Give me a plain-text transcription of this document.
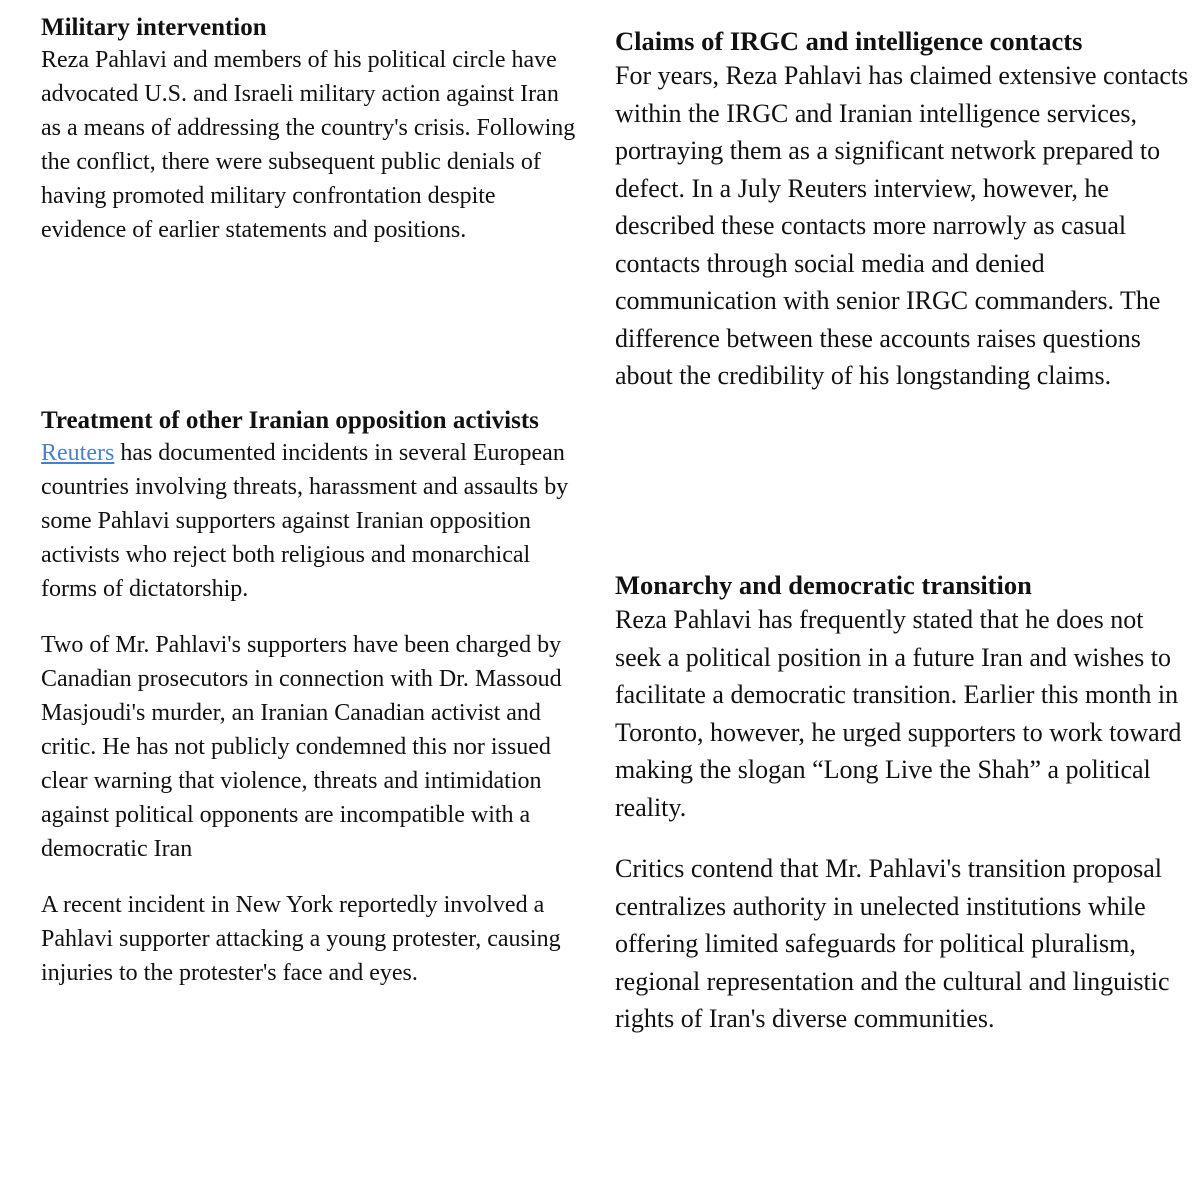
Military intervention

Reza Pahlavi and members of his political circle have advocated U.S. and Israeli military action against Iran as a means of addressing the country's crisis. Following the conflict, there were subsequent public denials of having promoted military confrontation despite evidence of earlier statements and positions.

Treatment of other Iranian opposition activists

Reuters has documented incidents in several European countries involving threats, harassment and assaults by some Pahlavi supporters against Iranian opposition activists who reject both religious and monarchical forms of dictatorship.

Two of Mr. Pahlavi's supporters have been charged by Canadian prosecutors in connection with Dr. Massoud Masjoudi's murder, an Iranian Canadian activist and critic. He has not publicly condemned this nor issued clear warning that violence, threats and intimidation against political opponents are incompatible with a democratic Iran

A recent incident in New York reportedly involved a Pahlavi supporter attacking a young protester, causing injuries to the protester's face and eyes.

Claims of IRGC and intelligence contacts

For years, Reza Pahlavi has claimed extensive contacts within the IRGC and Iranian intelligence services, portraying them as a significant network prepared to defect. In a July Reuters interview, however, he described these contacts more narrowly as casual contacts through social media and denied communication with senior IRGC commanders. The difference between these accounts raises questions about the credibility of his longstanding claims.

Monarchy and democratic transition

Reza Pahlavi has frequently stated that he does not seek a political position in a future Iran and wishes to facilitate a democratic transition. Earlier this month in Toronto, however, he urged supporters to work toward making the slogan “Long Live the Shah” a political reality.

Critics contend that Mr. Pahlavi's transition proposal centralizes authority in unelected institutions while offering limited safeguards for political pluralism, regional representation and the cultural and linguistic rights of Iran's diverse communities.
